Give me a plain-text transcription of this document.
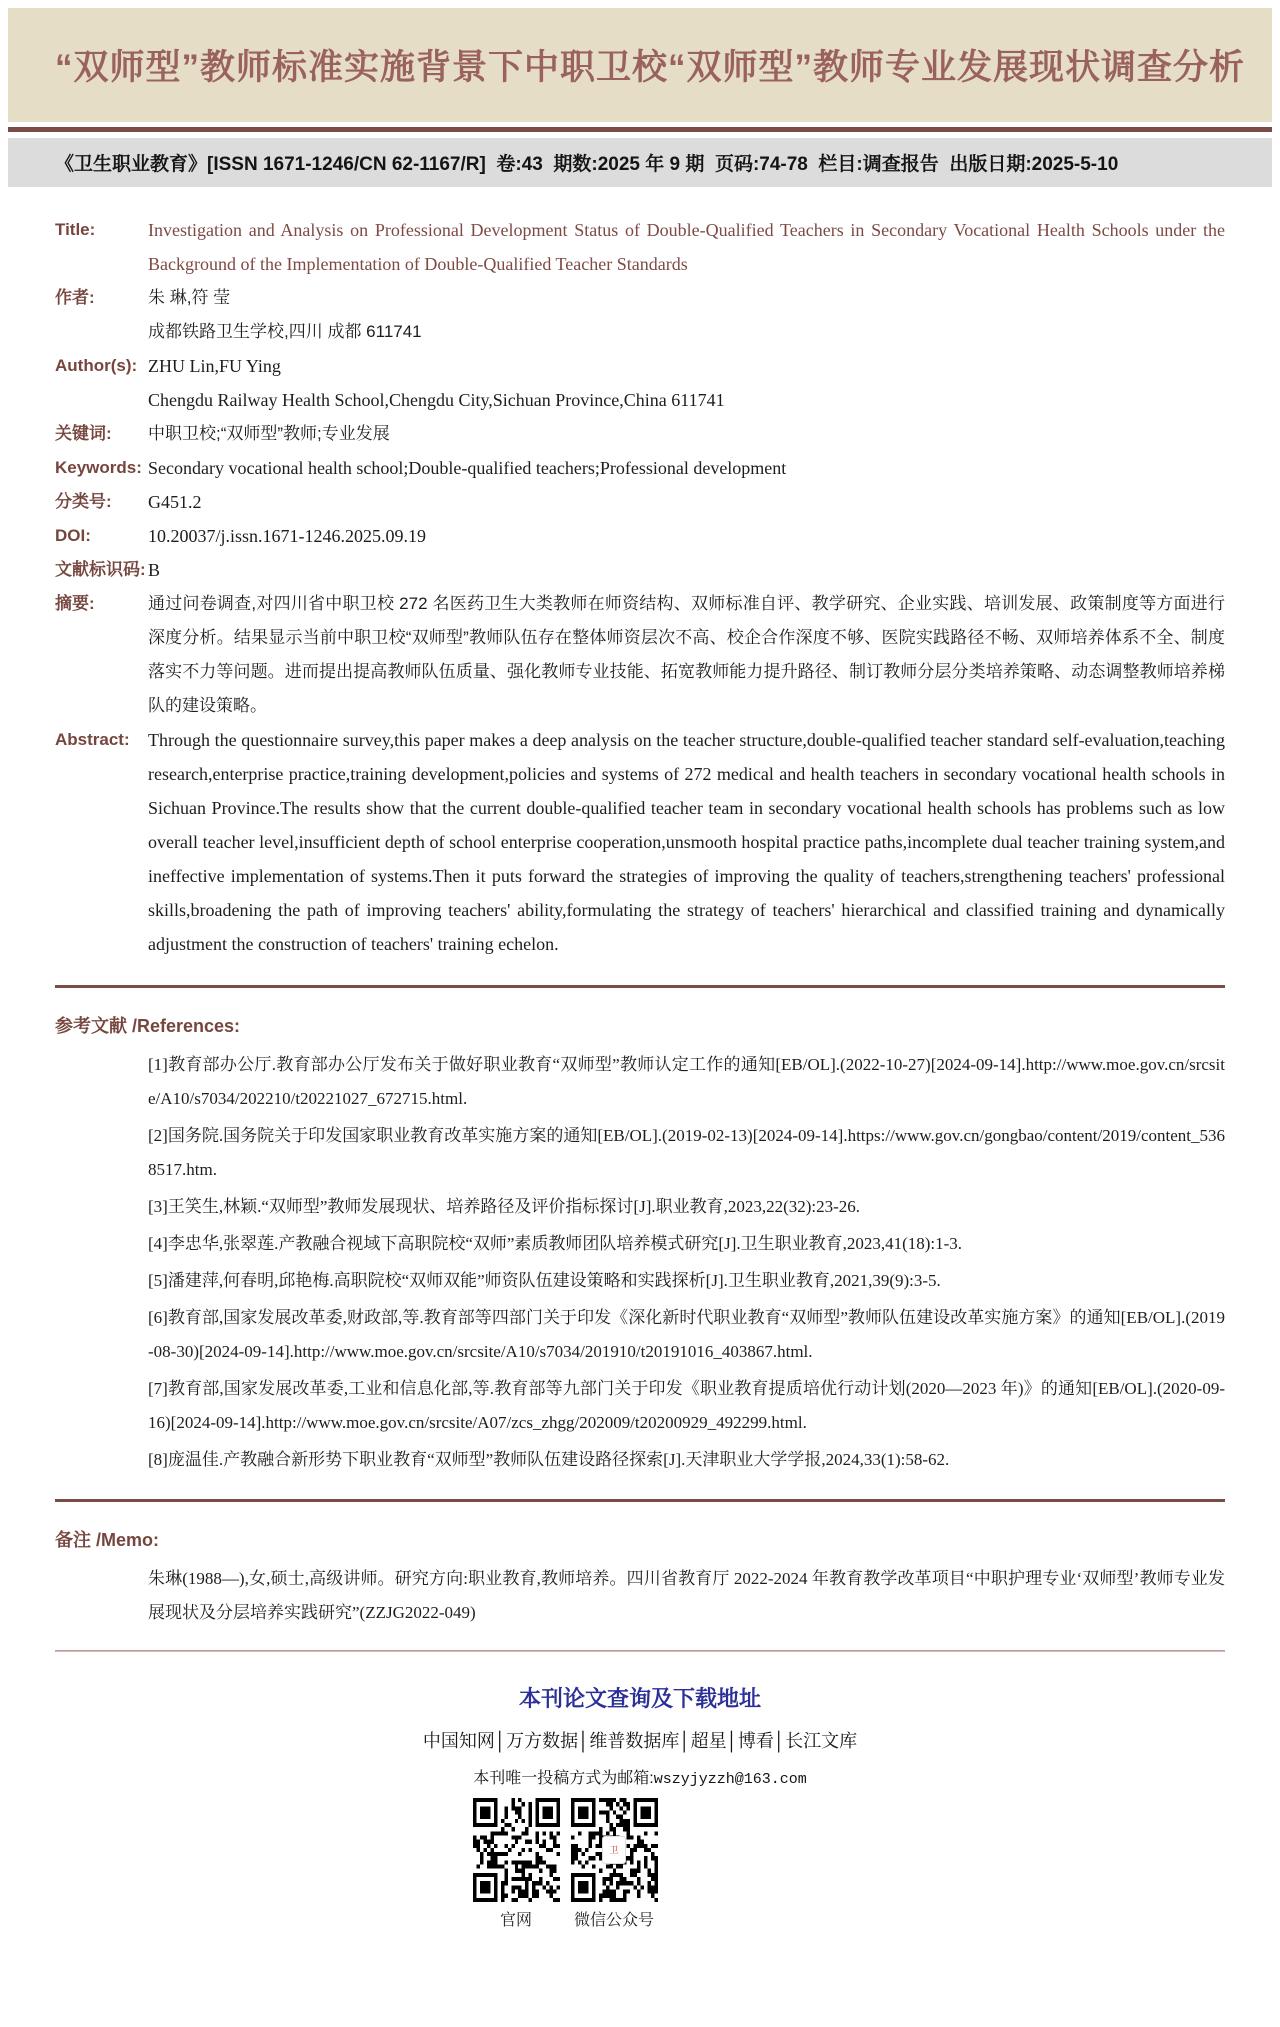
“双师型”教师标准实施背景下中职卫校“双师型”教师专业发展现状调查分析
《卫生职业教育》[ISSN 1671-1246/CN 62-1167/R]  卷:43  期数:2025 年 9 期  页码:74-78  栏目:调查报告  出版日期:2025-5-10
Title:	Investigation and Analysis on Professional Development Status of Double-Qualified Teachers in Secondary Vocational Health Schools under the Background of the Implementation of Double-Qualified Teacher Standards
作者:	朱 琳,符 莹
成都铁路卫生学校,四川 成都 611741
Author(s): ZHU Lin,FU Ying
Chengdu Railway Health School,Chengdu City,Sichuan Province,China 611741
关键词:	中职卫校;“双师型”教师;专业发展
Keywords: Secondary vocational health school;Double-qualified teachers;Professional development
分类号:	G451.2
DOI:	10.20037/j.issn.1671-1246.2025.09.19
文献标识码: B
摘要:	通过问卷调查,对四川省中职卫校 272 名医药卫生大类教师在师资结构、双师标准自评、教学研究、企业实践、培训发展、政策制度等方面进行深度分析。结果显示当前中职卫校“双师型”教师队伍存在整体师资层次不高、校企合作深度不够、医院实践路径不畅、双师培养体系不全、制度落实不力等问题。进而提出提高教师队伍质量、强化教师专业技能、拓宽教师能力提升路径、制订教师分层分类培养策略、动态调整教师培养梯队的建设策略。
Abstract:	Through the questionnaire survey,this paper makes a deep analysis on the teacher structure,double-qualified teacher standard self-evaluation,teaching research,enterprise practice,training development,policies and systems of 272 medical and health teachers in secondary vocational health schools in Sichuan Province.The results show that the current double-qualified teacher team in secondary vocational health schools has problems such as low overall teacher level,insufficient depth of school enterprise cooperation,unsmooth hospital practice paths,incomplete dual teacher training system,and ineffective implementation of systems.Then it puts forward the strategies of improving the quality of teachers,strengthening teachers' professional skills,broadening the path of improving teachers' ability,formulating the strategy of teachers' hierarchical and classified training and dynamically adjustment the construction of teachers' training echelon.
参考文献 /References:
[1]教育部办公厅.教育部办公厅发布关于做好职业教育“双师型”教师认定工作的通知[EB/OL].(2022-10-27)[2024-09-14].http://www.moe.gov.cn/srcsite/A10/s7034/202210/t20221027_672715.html.
[2]国务院.国务院关于印发国家职业教育改革实施方案的通知[EB/OL].(2019-02-13)[2024-09-14].https://www.gov.cn/gongbao/content/2019/content_5368517.htm.
[3]王笑生,林颖.“双师型”教师发展现状、培养路径及评价指标探讨[J].职业教育,2023,22(32):23-26.
[4]李忠华,张翠莲.产教融合视域下高职院校“双师”素质教师团队培养模式研究[J].卫生职业教育,2023,41(18):1-3.
[5]潘建萍,何春明,邱艳梅.高职院校“双师双能”师资队伍建设策略和实践探析[J].卫生职业教育,2021,39(9):3-5.
[6]教育部,国家发展改革委,财政部,等.教育部等四部门关于印发《深化新时代职业教育“双师型”教师队伍建设改革实施方案》的通知[EB/OL].(2019-08-30)[2024-09-14].http://www.moe.gov.cn/srcsite/A10/s7034/201910/t20191016_403867.html.
[7]教育部,国家发展改革委,工业和信息化部,等.教育部等九部门关于印发《职业教育提质培优行动计划(2020—2023 年)》的通知[EB/OL].(2020-09-16)[2024-09-14].http://www.moe.gov.cn/srcsite/A07/zcs_zhgg/202009/t20200929_492299.html.
[8]庞温佳.产教融合新形势下职业教育“双师型”教师队伍建设路径探索[J].天津职业大学学报,2024,33(1):58-62.
备注 /Memo:
朱琳(1988—),女,硕士,高级讲师。研究方向:职业教育,教师培养。四川省教育厅 2022-2024 年教育教学改革项目“中职护理专业‘双师型’教师专业发展现状及分层培养实践研究”(ZZJG2022-049)
本刊论文查询及下载地址
中国知网│万方数据│维普数据库│超星│博看│长江文库
本刊唯一投稿方式为邮箱:wszyjyzzh@163.com
官网
卫
微信公众号
